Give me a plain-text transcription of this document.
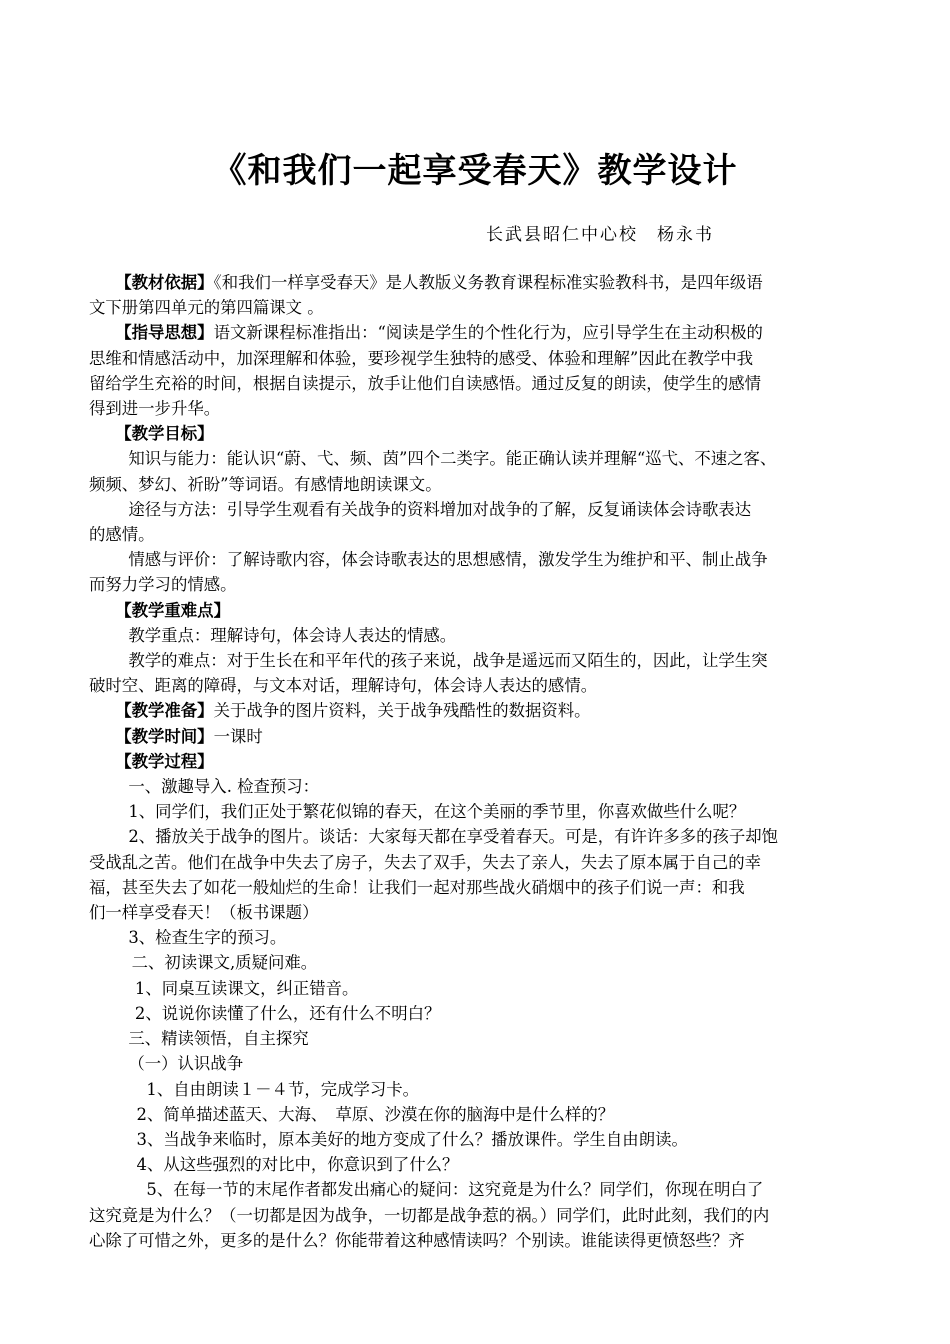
《和我们一起享受春天》教学设计
长武县昭仁中心校　杨永书

【教材依据】《和我们一样享受春天》是人教版义务教育课程标准实验教科书，是四年级语

文下册第四单元的第四篇课文 。

【指导思想】语文新课程标准指出：“阅读是学生的个性化行为，应引导学生在主动积极的

思维和情感活动中，加深理解和体验，要珍视学生独特的感受、体验和理解”因此在教学中我

留给学生充裕的时间，根据自读提示，放手让他们自读感悟。通过反复的朗读，使学生的感情

得到进一步升华。

【教学目标】

知识与能力：能认识“蔚、弋、频、茵”四个二类字。能正确认读并理解“巡弋、不速之客、

频频、梦幻、祈盼”等词语。有感情地朗读课文。

途径与方法：引导学生观看有关战争的资料增加对战争的了解，反复诵读体会诗歌表达

的感情。

情感与评价：了解诗歌内容，体会诗歌表达的思想感情，激发学生为维护和平、制止战争

而努力学习的情感。

【教学重难点】

教学重点：理解诗句，体会诗人表达的情感。

教学的难点：对于生长在和平年代的孩子来说，战争是遥远而又陌生的，因此，让学生突

破时空、距离的障碍，与文本对话，理解诗句，体会诗人表达的感情。

【教学准备】关于战争的图片资料，关于战争残酷性的数据资料。

【教学时间】一课时

【教学过程】

一、激趣导入. 检查预习：

1、同学们，我们正处于繁花似锦的春天，在这个美丽的季节里，你喜欢做些什么呢？

2、播放关于战争的图片。谈话：大家每天都在享受着春天。可是，有许许多多的孩子却饱

受战乱之苦。他们在战争中失去了房子，失去了双手，失去了亲人，失去了原本属于自己的幸

福，甚至失去了如花一般灿烂的生命！让我们一起对那些战火硝烟中的孩子们说一声：和我

们一样享受春天！（板书课题）

3、检查生字的预习。

二、初读课文,质疑问难。

1、同桌互读课文，纠正错音。

2、说说你读懂了什么，还有什么不明白？

三、精读领悟，自主探究

（一）认识战争

1、自由朗读１－４节，完成学习卡。

2、简单描述蓝天、大海、　草原、沙漠在你的脑海中是什么样的？

3、当战争来临时，原本美好的地方变成了什么？播放课件。学生自由朗读。

4、从这些强烈的对比中，你意识到了什么？

5、在每一节的末尾作者都发出痛心的疑问：这究竟是为什么？同学们，你现在明白了

这究竟是为什么？（一切都是因为战争，一切都是战争惹的祸。）同学们，此时此刻，我们的内

心除了可惜之外，更多的是什么？你能带着这种感情读吗？个别读。谁能读得更愤怒些？齐
